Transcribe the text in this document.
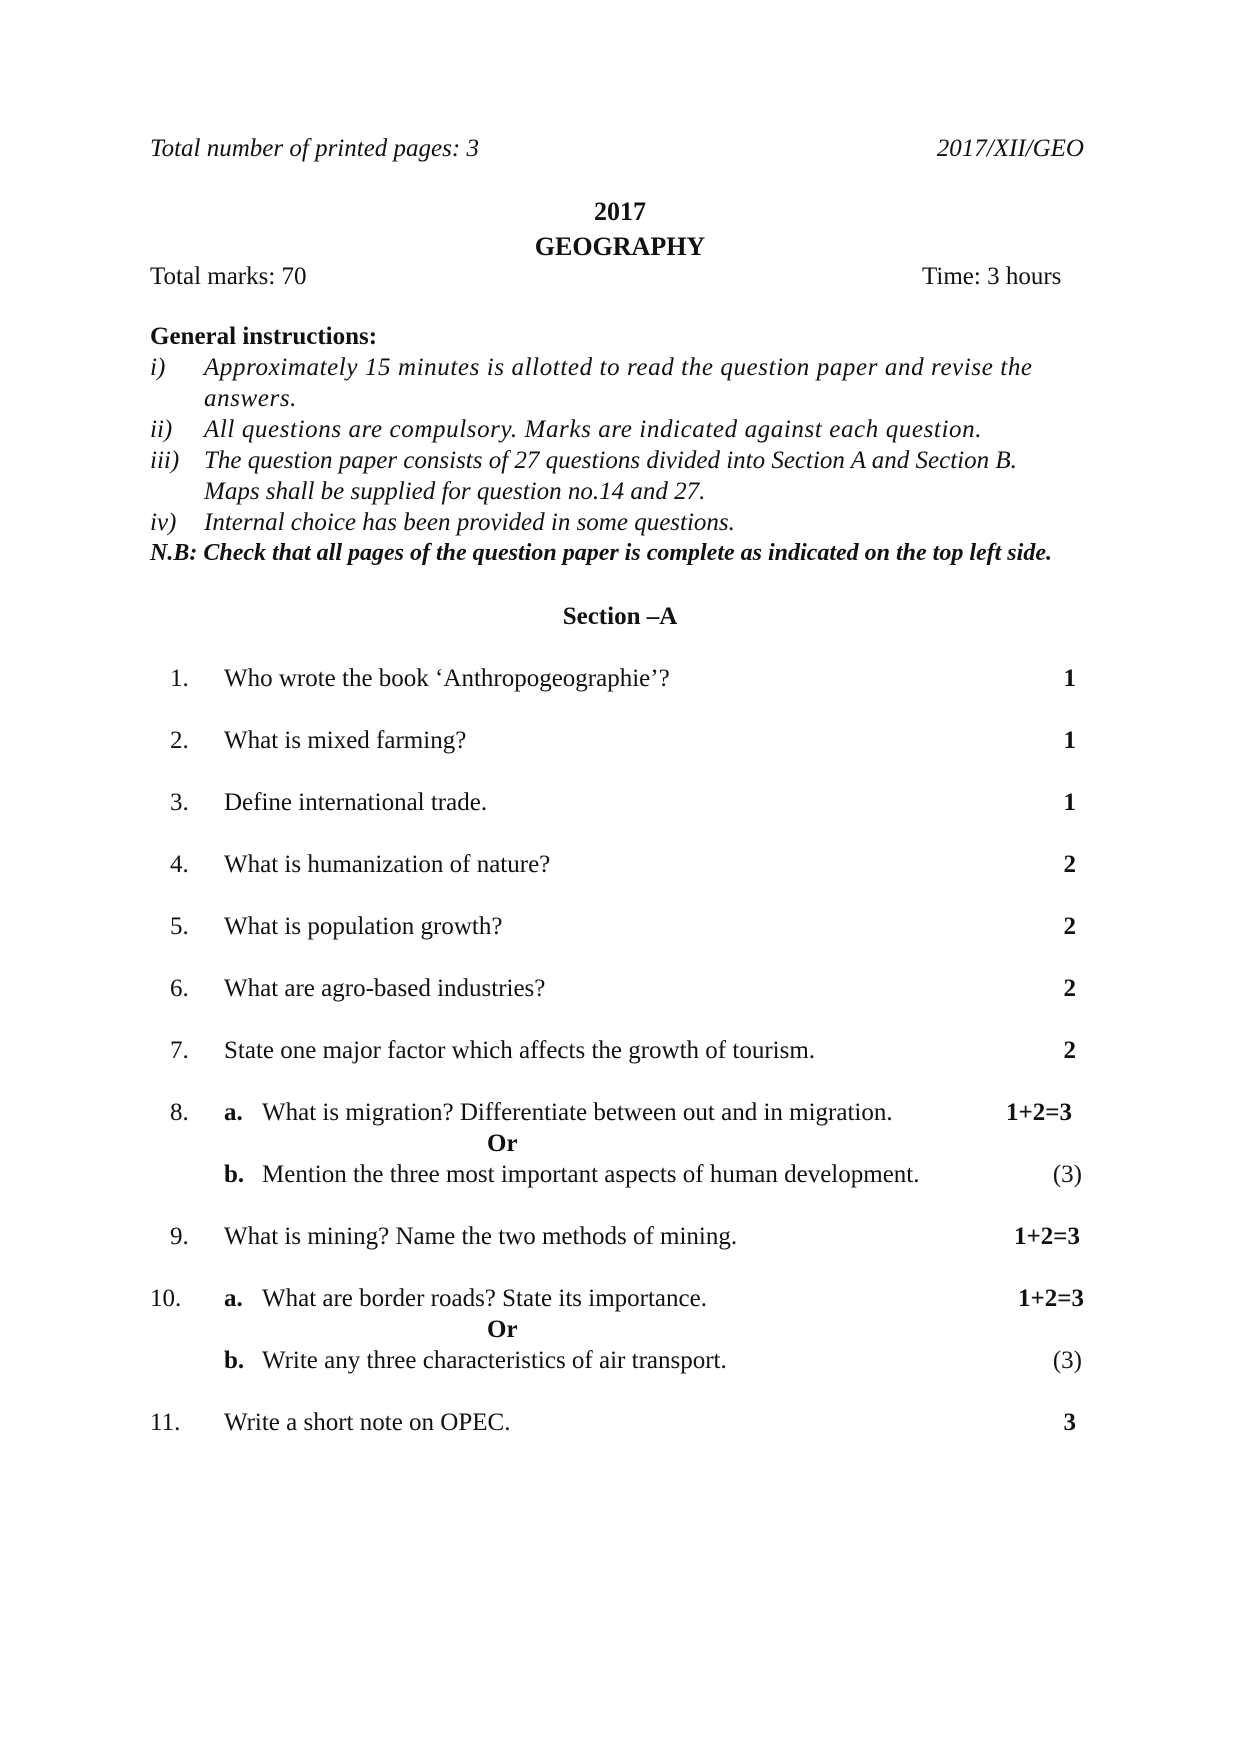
Total number of printed pages: 3	2017/XII/GEO
2017
GEOGRAPHY
Total marks: 70	Time: 3 hours
General instructions:
i) Approximately 15 minutes is allotted to read the question paper and revise the
answers.
ii) All questions are compulsory. Marks are indicated against each question.
iii) The question paper consists of 27 questions divided into Section A and Section B.
Maps shall be supplied for question no.14 and 27.
iv) Internal choice has been provided in some questions.
N.B: Check that all pages of the question paper is complete as indicated on the top left side.
Section –A
1. Who wrote the book ‘Anthropogeographie’?	1
2. What is mixed farming?	1
3. Define international trade.	1
4. What is humanization of nature?	2
5. What is population growth?	2
6. What are agro-based industries?	2
7. State one major factor which affects the growth of tourism.	2
8. a. What is migration? Differentiate between out and in migration.	1+2=3
Or
b. Mention the three most important aspects of human development.	(3)
9. What is mining? Name the two methods of mining.	1+2=3
10. a. What are border roads? State its importance.	1+2=3
Or
b. Write any three characteristics of air transport.	(3)
11. Write a short note on OPEC.	3
